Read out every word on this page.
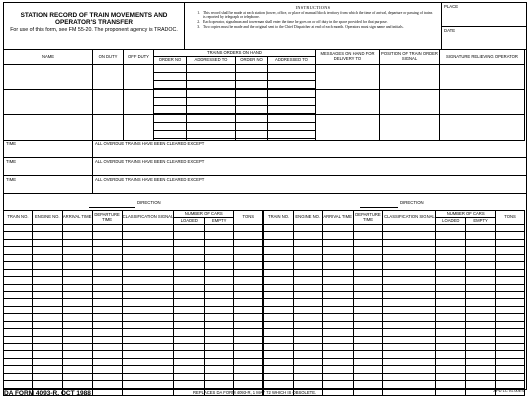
STATION RECORD OF TRAIN MOVEMENTS AND OPERATOR'S TRANSFER
For use of this form, see FM 55-20. The proponent agency is TRADOC.
INSTRUCTIONS
1. This record shall be made at each station (tower, office, or place of manual block territory from which the time of arrival, departure or passing of trains is reported by telegraph or telephone.
2. Each operator, signalman and towerman shall enter the time he goes on or off duty in the space provided for that purpose.
3. Two copies must be made and the original sent to the Chief Dispatcher at end of each month. Operators must sign name and initials.
PLACE
DATE
NAME	ON DUTY	OFF DUTY	TRAINS ORDERS ON HAND				MESSAGES ON HAND FOR DELIVERY TO	POSITION OF TRAIN ORDER SIGNAL	SIGNATURE RELIEVING OPERATOR
			ORDER NO	ADDRESSED TO	ORDER NO	ADDRESSED TO			

TIME	ALL OVERDUE TRAINS HAVE BEEN CLEARED EXCEPT
TIME	ALL OVERDUE TRAINS HAVE BEEN CLEARED EXCEPT
TIME	ALL OVERDUE TRAINS HAVE BEEN CLEARED EXCEPT
DIRECTION	DIRECTION
TRAIN NO.	ENGINE NO.	ARRIVAL TIME	DEPARTURE TIME	CLASSIFICATION SIGNAL	NUMBER OF CARS		TONS	TRAIN NO.	ENGINE NO.	ARRIVAL TIME	DEPARTURE TIME	CLASSIFICATION SIGNAL	NUMBER OF CARS		TONS
					LOADED	EMPTY							LOADED	EMPTY	

DA FORM 4093-R, OCT 1988	REPLACES DA FORM 4093-R, 1 MAY 72 WHICH IS OBSOLETE.	APD LC v1.00ES
